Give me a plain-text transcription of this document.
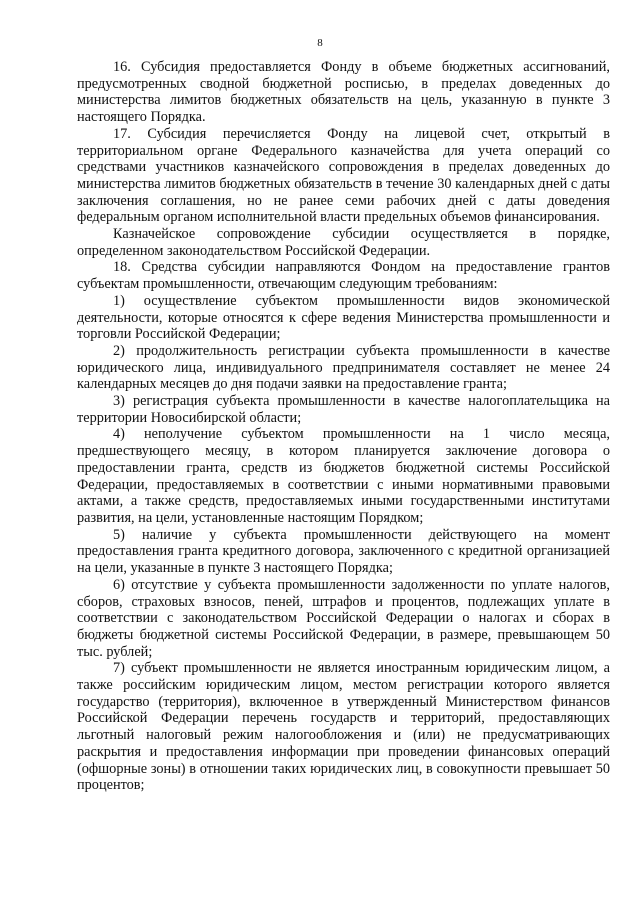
8

16. Субсидия предоставляется Фонду в объеме бюджетных ассигнований, предусмотренных сводной бюджетной росписью, в пределах доведенных до министерства лимитов бюджетных обязательств на цель, указанную в пункте 3 настоящего Порядка.

17. Субсидия перечисляется Фонду на лицевой счет, открытый в территориальном органе Федерального казначейства для учета операций со средствами участников казначейского сопровождения в пределах доведенных до министерства лимитов бюджетных обязательств в течение 30 календарных дней с даты заключения соглашения, но не ранее семи рабочих дней с даты доведения федеральным органом исполнительной власти предельных объемов финансирования.

Казначейское сопровождение субсидии осуществляется в порядке, определенном законодательством Российской Федерации.

18. Средства субсидии направляются Фондом на предоставление грантов субъектам промышленности, отвечающим следующим требованиям:

1) осуществление субъектом промышленности видов экономической деятельности, которые относятся к сфере ведения Министерства промышленности и торговли Российской Федерации;

2) продолжительность регистрации субъекта промышленности в качестве юридического лица, индивидуального предпринимателя составляет не менее 24 календарных месяцев до дня подачи заявки на предоставление гранта;

3) регистрация субъекта промышленности в качестве налогоплательщика на территории Новосибирской области;

4) неполучение субъектом промышленности на 1 число месяца, предшествующего месяцу, в котором планируется заключение договора о предоставлении гранта, средств из бюджетов бюджетной системы Российской Федерации, предоставляемых в соответствии с иными нормативными правовыми актами, а также средств, предоставляемых иными государственными институтами развития, на цели, установленные настоящим Порядком;

5) наличие у субъекта промышленности действующего на момент предоставления гранта кредитного договора, заключенного с кредитной организацией на цели, указанные в пункте 3 настоящего Порядка;

6) отсутствие у субъекта промышленности задолженности по уплате налогов, сборов, страховых взносов, пеней, штрафов и процентов, подлежащих уплате в соответствии с законодательством Российской Федерации о налогах и сборах в бюджеты бюджетной системы Российской Федерации, в размере, превышающем 50 тыс. рублей;

7) субъект промышленности не является иностранным юридическим лицом, а также российским юридическим лицом, местом регистрации которого является государство (территория), включенное в утвержденный Министерством финансов Российской Федерации перечень государств и территорий, предоставляющих льготный налоговый режим налогообложения и (или) не предусматривающих раскрытия и предоставления информации при проведении финансовых операций (офшорные зоны) в отношении таких юридических лиц, в совокупности превышает 50 процентов;
